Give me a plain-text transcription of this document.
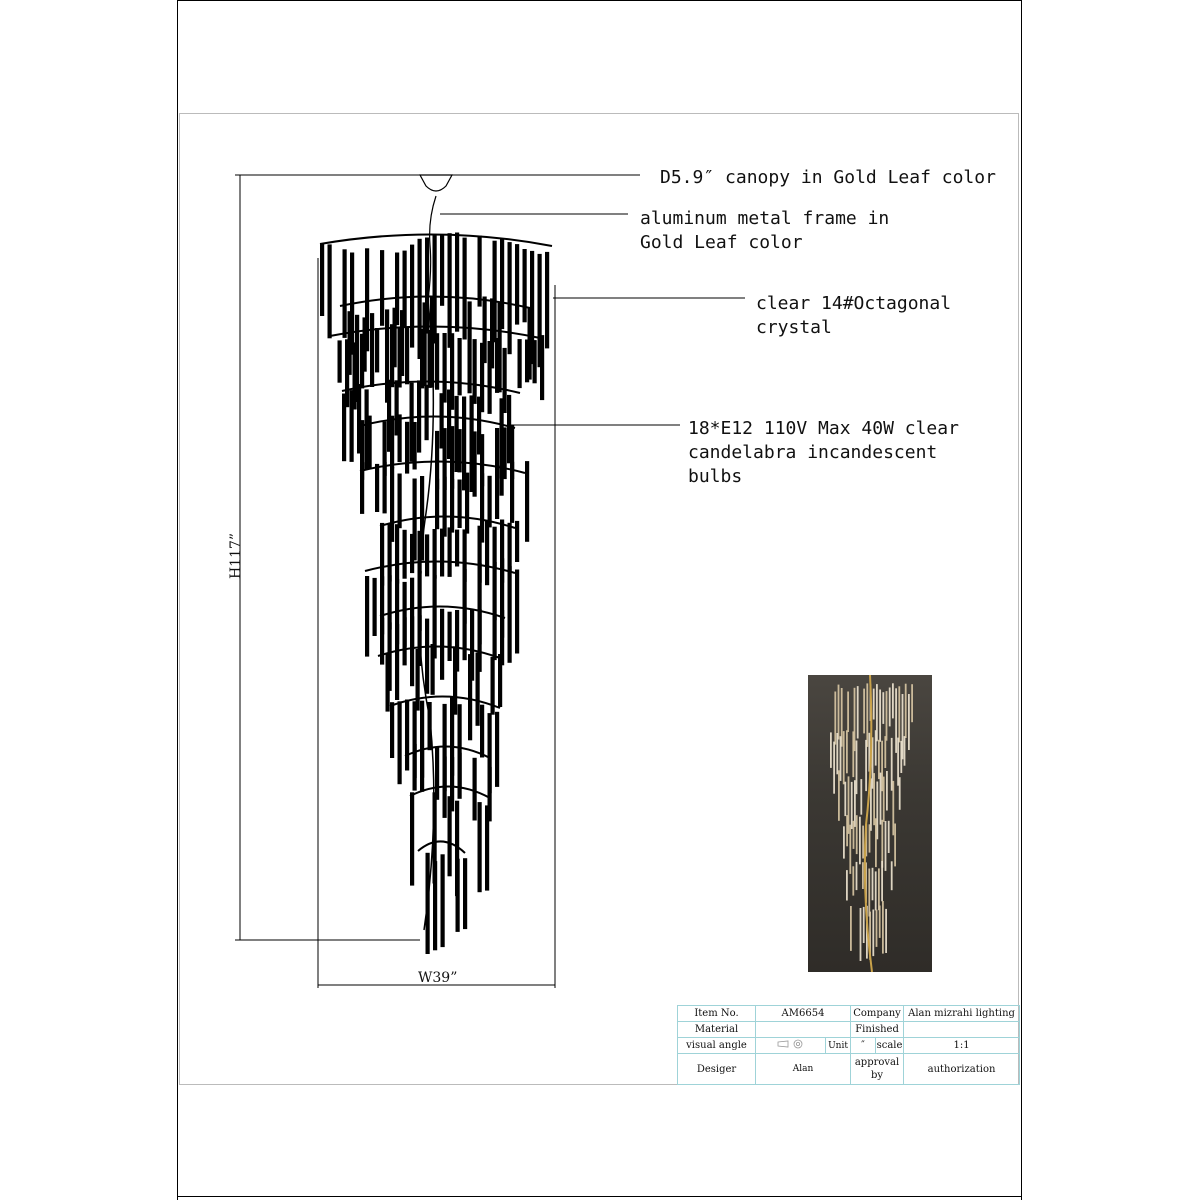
D5.9″ canopy in Gold Leaf color
aluminum metal frame in
Gold Leaf color
clear 14#Octagonal
crystal
18*E12 110V Max 40W clear
candelabra incandescent
bulbs
H117”
W39”
Item No.	AM6654		Company		Alan mizrahi lighting
Material			Finished		
visual angle		Unit	″	scale	1:1
Desiger	Alan		approval by		authorization
